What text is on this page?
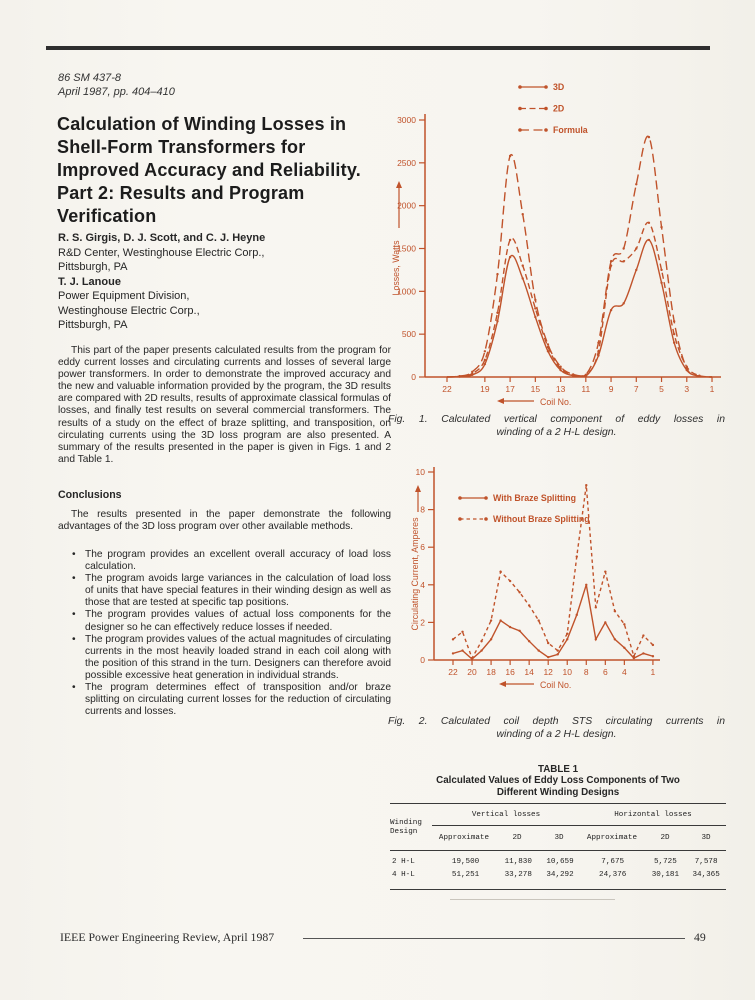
86 SM 437-8
April 1987, pp. 404–410
Calculation of Winding Losses in
Shell-Form Transformers for
Improved Accuracy and Reliability.
Part 2: Results and Program
Verification
R. S. Girgis, D. J. Scott, and C. J. Heyne
R&D Center, Westinghouse Electric Corp.,
Pittsburgh, PA
T. J. Lanoue
Power Equipment Division,
Westinghouse Electric Corp.,
Pittsburgh, PA
This part of the paper presents calculated results from the program for eddy current losses and circulating currents and losses of several large power transformers. In order to demonstrate the improved accuracy and the new and valuable information provided by the program, the 3D results are compared with 2D results, results of approximate classical formulas of losses, and finally test results on several commercial transformers. The results of a study on the effect of braze splitting, and transposition, on circulating currents using the 3D loss program are also presented. A summary of the results presented in the paper is given in Figs. 1 and 2 and Table 1.
Conclusions
The results presented in the paper demonstrate the following advantages of the 3D loss program over other available methods.
• The program provides an excellent overall accuracy of load loss calculation.
• The program avoids large variances in the calculation of load loss of units that have special features in their winding design as well as those that are tested at specific tap positions.
• The program provides values of actual loss components for the designer so he can effectively reduce losses if needed.
• The program provides values of the actual magnitudes of circulating currents in the most heavily loaded strand in each coil along with the position of this strand in the turn. Designers can therefore avoid possible excessive heat generation in individual strands.
• The program determines effect of transposition and/or braze splitting on circulating current losses for the reduction of circulating currents and losses.
0
500
1000
1500
2000
2500
3000
22	19 17 15 13 11 9 7 5 3 1
Coil No.
Losses, Watts
3D
2D
Formula
Fig. 1. Calculated vertical component of eddy losses in
winding of a 2 H-L design.
0
2
4
6
8
10
22 20 18 16 14 12 10 8 6 4	1
Coil No.
Circulating Current, Amperes
With Braze Splitting
Without Braze Splitting
Fig. 2. Calculated coil depth STS circulating currents in
winding of a 2 H-L design.
TABLE 1
Calculated Values of Eddy Loss Components of Two
Different Winding Designs
Winding
Design
Vertical losses	Horizontal losses
Approximate	2D	3D	Approximate	2D	3D
2 H-L	19,500	11,830	10,659	7,675	5,725	7,578
4 H-L	51,251	33,278	34,292	24,376	30,181	34,365
IEEE Power Engineering Review, April 1987	49
